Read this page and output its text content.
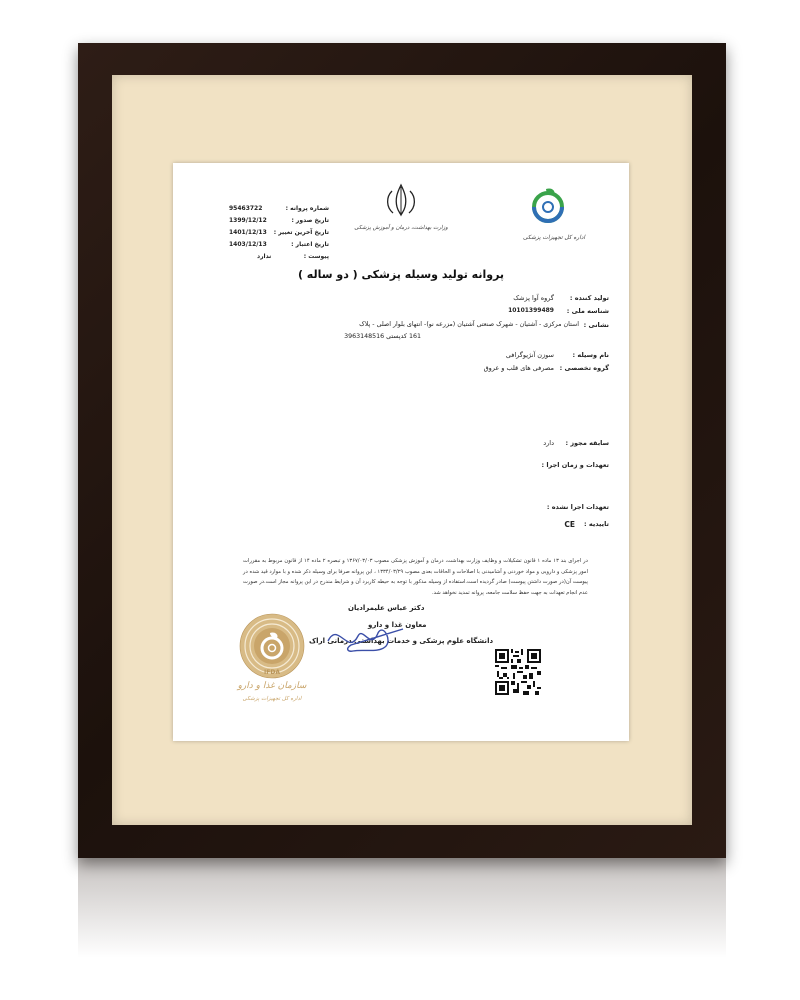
وزارت بهداشت، درمان و آموزش پزشکی
اداره کل تجهیزات پزشکی
شماره پروانه :
95463722
تاریخ صدور :
1399/12/12
تاریخ آخرین تغییر :
1401/12/13
تاریخ اعتبار :
1403/12/13
پیوست :
ندارد
پروانه تولید وسیله پزشکی ( دو ساله )
تولید کننده :
گروه آوا پزشک
شناسه ملی :
10101399489
نشانی :
استان مرکزی - آشتیان - شهرک صنعتی آشتیان (مزرعه نو)- انتهای بلوار اصلی - پلاک
161 کدپستی 3963148516
نام وسیله :
سوزن آنژیوگرافی
گروه تخصصی :
مصرفی های قلب و عروق
سابقه مجوز :
دارد
تعهدات و زمان اجرا :
تعهدات اجرا نشده :
تاییدیه :
CE
در اجرای بند ۱۳ ماده ۱ قانون تشکیلات و وظایف وزارت بهداشت، درمان و آموزش پزشکی مصوب ۱۳۶۷/۰۳/۰۳ و تبصره ۲ ماده ۱۴ از قانون مربوط به مقررات امور پزشکی و دارویی و مواد خوردنی و آشامیدنی با اصلاحات و الحاقات بعدی مصوب ۱۳۳۴/۰۳/۲۹ ، این پروانه صرفا برای وسیله ذکر شده و با موارد قید شده در پیوست آن(در صورت داشتن پیوست) صادر گردیده است.استفاده از وسیله مذکور با توجه به حیطه کاربرد آن و شرایط مندرج در این پروانه مجاز است.در صورت عدم انجام تعهدات به جهت حفظ سلامت جامعه، پروانه تمدید نخواهد شد.
دکتر عباس علیمرادیان
معاون غذا و دارو
دانشگاه علوم پزشکی و خدمات بهداشتی درمانی اراک
IFDA
سازمان غذا و دارو
اداره کل تجهیزات پزشکی
